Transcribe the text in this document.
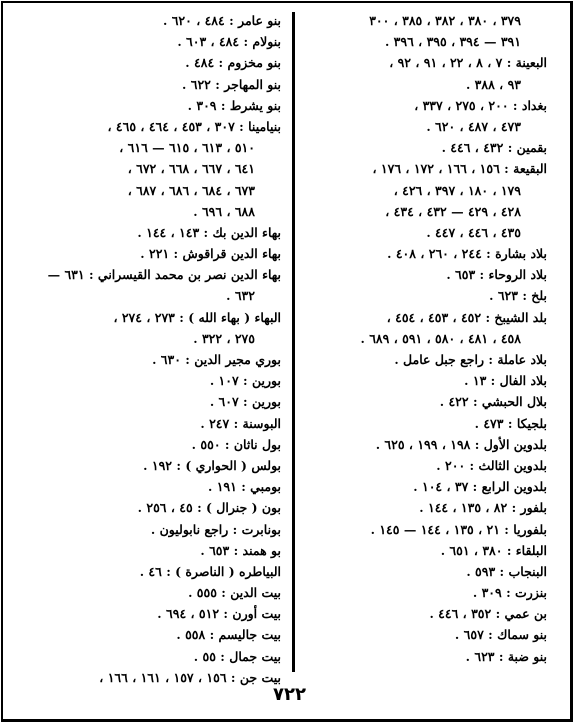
٣٧٩ ، ٣٨٠ ، ٣٨٢ ، ٣٨٥ ، ٣٠٠
٣٩١ — ٣٩٤ ، ٣٩٥ ، ٣٩٦ .
البعينة : ٧ ، ٨ ، ٢٢ ، ٩١ ، ٩٢ ،
٩٣ ، ٣٨٨ .
بغداد : ٢٠٠ ، ٢٧٥ ، ٣٣٧ ،
٤٧٣ ، ٤٨٧ ، ٦٢٠ .
بقمين : ٤٣٢ ، ٤٤٦ .
البقيعة : ١٥٦ ، ١٦٦ ، ١٧٢ ، ١٧٦ ،
١٧٩ ، ١٨٠ ، ٣٩٧ ، ٤٢٦ ،
٤٢٨ ، ٤٢٩ — ٤٣٢ ، ٤٣٤ ،
٤٣٥ ، ٤٤٦ ، ٤٤٧ .
بلاد بشارة : ٢٤٤ ، ٢٦٠ ، ٤٠٨ .
بلاد الروحاء : ٦٥٣ .
بلخ : ٦٢٣ .
بلد الشيبخ : ٤٥٢ ، ٤٥٣ ، ٤٥٤ ،
٤٥٨ ، ٤٨١ ، ٥٨٠ ، ٥٩١ ، ٦٨٩ .
بلاد عاملة : راجع جبل عامل .
بلاد الفال : ١٣ .
بلال الحبشي : ٤٢٢ .
بلجيكا : ٤٧٣ .
بلدوين الأول : ١٩٨ ، ١٩٩ ، ٦٢٥ .
بلدوين الثالث : ٢٠٠ .
بلدوين الرابع : ٣٧ ، ١٠٤ .
بلفور : ٨٢ ، ١٣٥ ، ١٤٤ .
بلفوريا : ٢١ ، ١٣٥ ، ١٤٤ — ١٤٥ .
البلقاء : ٣٨٠ ، ٦٥١ .
البنجاب : ٥٩٣ .
بنزرت : ٣٠٩ .
بن عمي : ٣٥٢ ، ٤٤٦ .
بنو سماك : ٦٥٧ .
بنو ضبة : ٦٢٣ .
بنو عامر : ٤٨٤ ، ٦٢٠ .
بنولام : ٤٨٤ ، ٦٠٣ .
بنو مخزوم : ٤٨٤ .
بنو المهاجر : ٦٢٢ .
بنو يشرط : ٣٠٩ .
بنيامينا : ٣٠٧ ، ٤٥٣ ، ٤٦٤ ، ٤٦٥ ،
٥١٠ ، ٦١٣ ، ٦١٥ — ٦١٦ ،
٦٤١ ، ٦٦٧ ، ٦٦٨ ، ٦٧٢ ،
٦٧٣ ، ٦٨٤ ، ٦٨٦ ، ٦٨٧ ،
٦٨٨ ، ٦٩٦ .
بهاء الدين بك : ١٤٣ ، ١٤٤ .
بهاء الدين قراقوش : ٢٢١ .
بهاء الدين نصر بن محمد القيسراني : ٦٣١ —
٦٣٢ .
البهاء ( بهاء الله ) : ٢٧٣ ، ٢٧٤ ،
٢٧٥ ، ٣٢٢ .
بوري مجير الدين : ٦٣٠ .
بورين : ١٠٧ .
بورين : ٦٠٧ .
البوسنة : ٢٤٧ .
بول ناثان : ٥٥٠ .
بولس ( الحواري ) : ١٩٢ .
بومبي : ١٩١ .
بون ( جنرال ) : ٤٥ ، ٢٥٦ .
بونابرت : راجع نابوليون .
بو همند : ٦٥٣ .
البياطره ( الناصرة ) : ٤٦ .
بيت الدين : ٥٥٥ .
بيت أورن : ٥١٢ ، ٦٩٤ .
بيت جاليسم : ٥٥٨ .
بيت جمال : ٥٥ .
بيت جن : ١٥٦ ، ١٥٧ ، ١٦١ ، ١٦٦ ،
٧٢٢
